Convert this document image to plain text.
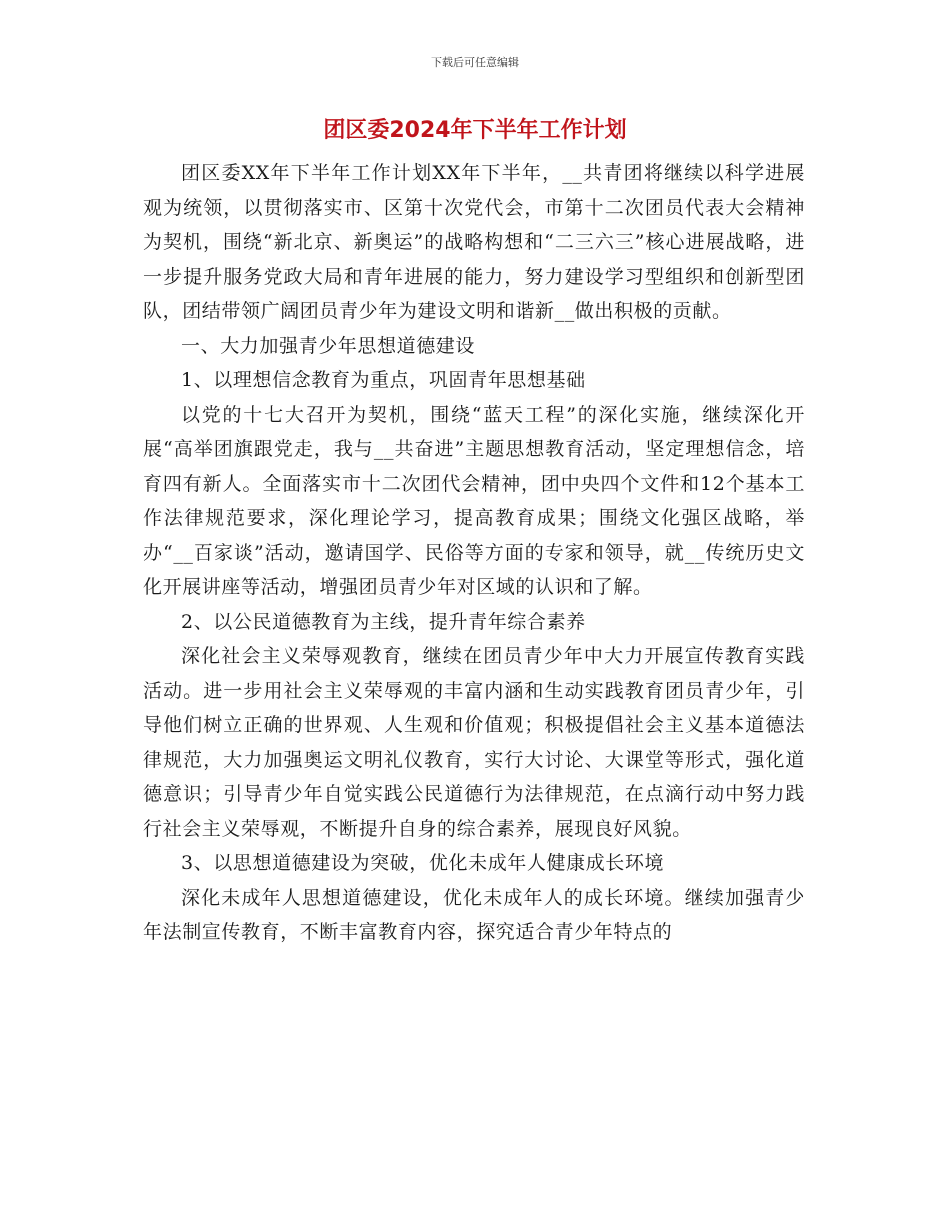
下载后可任意编辑
团区委2024年下半年工作计划

团区委XX年下半年工作计划XX年下半年，__共青团将继续以科学进展观为统领，以贯彻落实市、区第十次党代会，市第十二次团员代表大会精神为契机，围绕“新北京、新奥运”的战略构想和“二三六三”核心进展战略，进一步提升服务党政大局和青年进展的能力，努力建设学习型组织和创新型团队，团结带领广阔团员青少年为建设文明和谐新__做出积极的贡献。

一、大力加强青少年思想道德建设

1、以理想信念教育为重点，巩固青年思想基础

以党的十七大召开为契机，围绕“蓝天工程”的深化实施，继续深化开展“高举团旗跟党走，我与__共奋进”主题思想教育活动，坚定理想信念，培育四有新人。全面落实市十二次团代会精神，团中央四个文件和12个基本工作法律规范要求，深化理论学习，提高教育成果；围绕文化强区战略，举办“__百家谈”活动，邀请国学、民俗等方面的专家和领导，就__传统历史文化开展讲座等活动，增强团员青少年对区域的认识和了解。

2、以公民道德教育为主线，提升青年综合素养

深化社会主义荣辱观教育，继续在团员青少年中大力开展宣传教育实践活动。进一步用社会主义荣辱观的丰富内涵和生动实践教育团员青少年，引导他们树立正确的世界观、人生观和价值观；积极提倡社会主义基本道德法律规范，大力加强奥运文明礼仪教育，实行大讨论、大课堂等形式，强化道德意识；引导青少年自觉实践公民道德行为法律规范，在点滴行动中努力践行社会主义荣辱观，不断提升自身的综合素养，展现良好风貌。

3、以思想道德建设为突破，优化未成年人健康成长环境

深化未成年人思想道德建设，优化未成年人的成长环境。继续加强青少年法制宣传教育，不断丰富教育内容，探究适合青少年特点的
